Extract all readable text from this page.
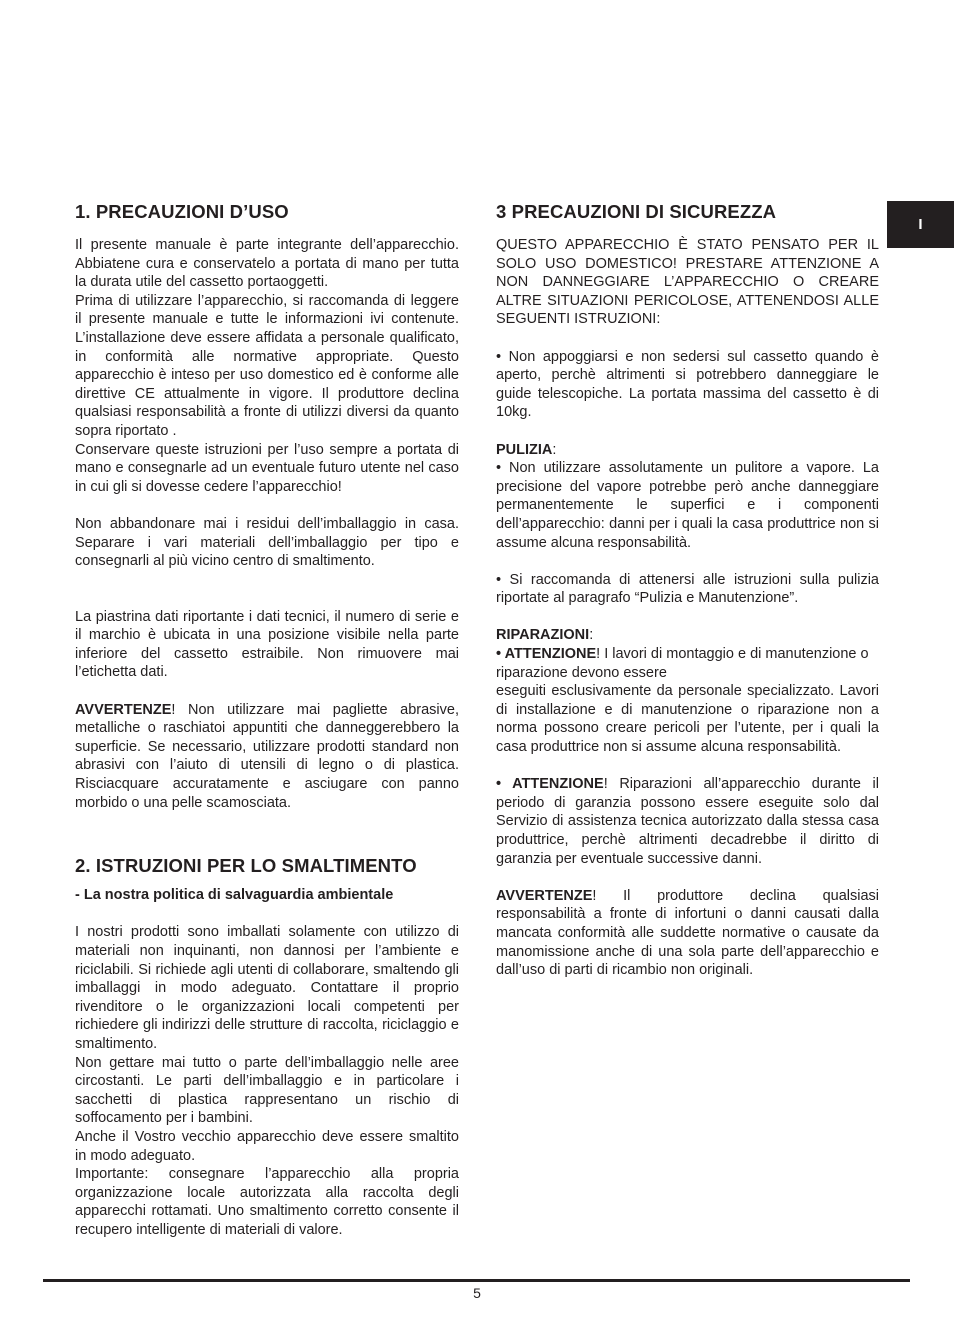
I
1. PRECAUZIONI D’USO

Il presente manuale è parte integrante dell’apparecchio. Abbiatene cura e conservatelo a portata di mano per tutta la durata utile del cassetto portaoggetti.

Prima di utilizzare l’apparecchio, si raccomanda di leggere il presente manuale e tutte le informazioni ivi contenute. L’installazione deve essere affidata a personale qualificato, in conformità alle normative appropriate. Questo apparecchio è inteso per uso domestico ed è conforme alle direttive CE attualmente in vigore. Il produttore declina qualsiasi responsabilità a fronte di utilizzi diversi da quanto sopra riportato .

Conservare queste istruzioni per l’uso sempre a portata di mano e consegnarle ad un eventuale futuro utente nel caso in cui gli si dovesse cedere l’apparecchio!

Non abbandonare mai i residui dell’imballaggio in casa. Separare i vari materiali dell’imballaggio per tipo e consegnarli al più vicino centro di smaltimento.

La piastrina dati riportante i dati tecnici, il numero di serie e il marchio è ubicata in una posizione visibile nella parte inferiore del cassetto estraibile. Non rimuovere mai l’etichetta dati.

AVVERTENZE! Non utilizzare mai pagliette abrasive, metalliche o raschiatoi appuntiti che danneggerebbero la superficie. Se necessario, utilizzare prodotti standard non abrasivi con l’aiuto di utensili di legno o di plastica. Risciacquare accuratamente e asciugare con panno morbido o una pelle scamosciata.

2. ISTRUZIONI PER LO SMALTIMENTO

- La nostra politica di salvaguardia ambientale

I nostri prodotti sono imballati solamente con utilizzo di materiali non inquinanti, non dannosi per l’ambiente e riciclabili. Si richiede agli utenti di collaborare, smaltendo gli imballaggi in modo adeguato. Contattare il proprio rivenditore o le organizzazioni locali competenti per richiedere gli indirizzi delle strutture di raccolta, riciclaggio e smaltimento.

Non gettare mai tutto o parte dell’imballaggio nelle aree circostanti. Le parti dell’imballaggio e in particolare i sacchetti di plastica rappresentano un rischio di soffocamento per i bambini.

Anche il Vostro vecchio apparecchio deve essere smaltito in modo adeguato.

Importante: consegnare l’apparecchio alla propria organizzazione locale autorizzata alla raccolta degli apparecchi rottamati. Uno smaltimento corretto consente il recupero intelligente di materiali di valore.

3 PRECAUZIONI DI SICUREZZA

QUESTO APPARECCHIO È STATO PENSATO PER IL SOLO USO DOMESTICO! PRESTARE ATTENZIONE A NON DANNEGGIARE L’APPARECCHIO O CREARE ALTRE SITUAZIONI PERICOLOSE, ATTENENDOSI ALLE SEGUENTI ISTRUZIONI:

• Non appoggiarsi e non sedersi sul cassetto quando è aperto, perchè altrimenti si potrebbero danneggiare le guide telescopiche. La portata massima del cassetto è di 10kg.

PULIZIA:

• Non utilizzare assolutamente un pulitore a vapore. La precisione del vapore potrebbe però anche danneggiare permanentemente le superfici e i componenti dell’apparecchio: danni per i quali la casa produttrice non si assume alcuna responsabilità.

• Si raccomanda di attenersi alle istruzioni sulla pulizia riportate al paragrafo “Pulizia e Manutenzione”.

RIPARAZIONI:

• ATTENZIONE! I lavori di montaggio e di manutenzione o riparazione devono essere

eseguiti esclusivamente da personale specializzato. Lavori di installazione e di manutenzione o riparazione non a norma possono creare pericoli per l’utente, per i quali la casa produttrice non si assume alcuna responsabilità.

• ATTENZIONE! Riparazioni all’apparecchio durante il periodo di garanzia possono essere eseguite solo dal Servizio di assistenza tecnica autorizzato dalla stessa casa produttrice, perchè altrimenti decadrebbe il diritto di garanzia per eventuale successive danni.

AVVERTENZE! Il produttore declina qualsiasi responsabilità a fronte di infortuni o danni causati dalla mancata conformità alle suddette normative o causate da manomissione anche di una sola parte dell’apparecchio e dall’uso di parti di ricambio non originali.

5
